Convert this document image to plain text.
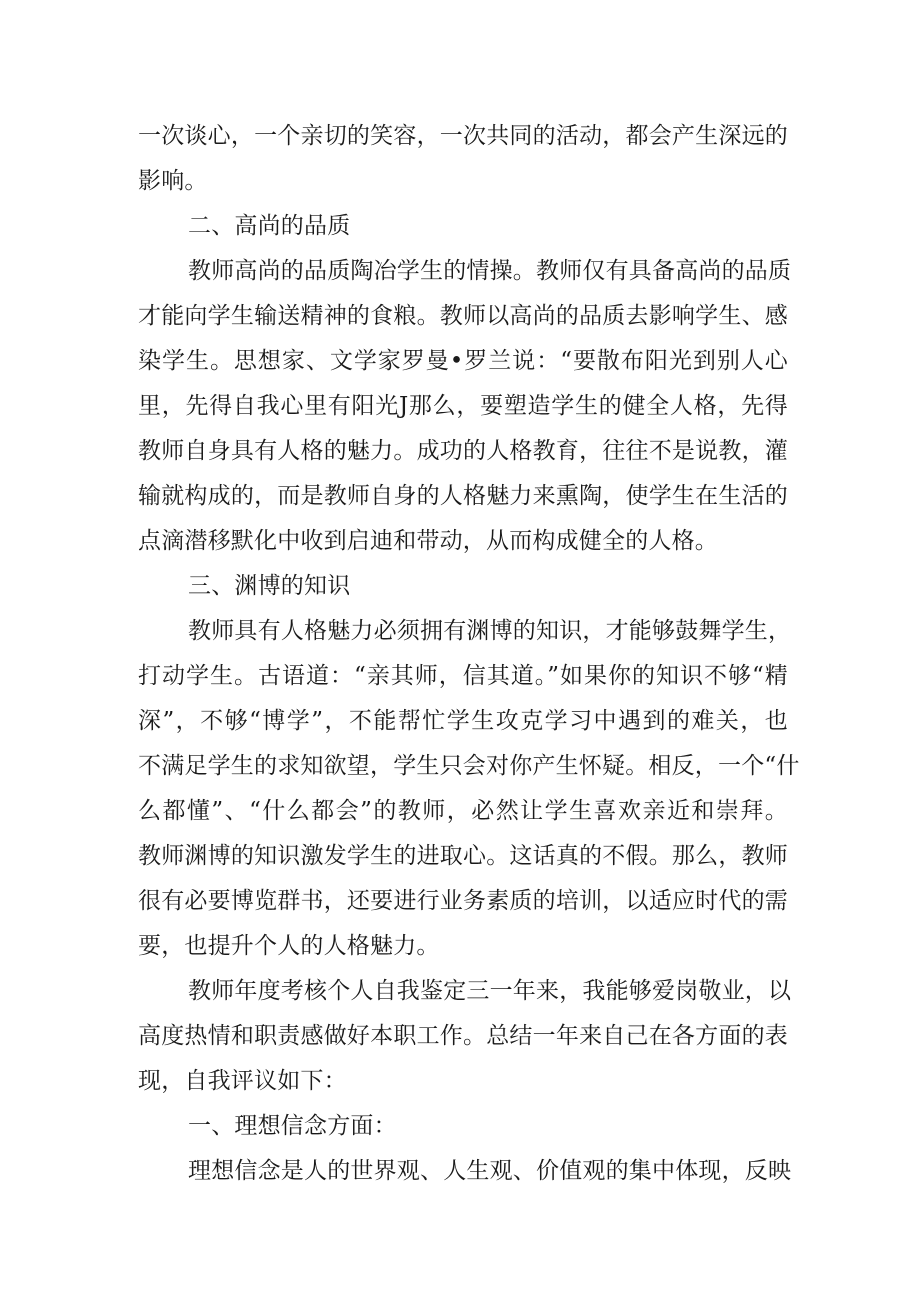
一次谈心，一个亲切的笑容，一次共同的活动，都会产生深远的
影响。
二、高尚的品质
教师高尚的品质陶冶学生的情操。教师仅有具备高尚的品质
才能向学生输送精神的食粮。教师以高尚的品质去影响学生、感
染学生。思想家、文学家罗曼•罗兰说：“要散布阳光到别人心
里，先得自我心里有阳光J那么，要塑造学生的健全人格，先得
教师自身具有人格的魅力。成功的人格教育，往往不是说教，灌
输就构成的，而是教师自身的人格魅力来熏陶，使学生在生活的
点滴潜移默化中收到启迪和带动，从而构成健全的人格。
三、渊博的知识
教师具有人格魅力必须拥有渊博的知识，才能够鼓舞学生，
打动学生。古语道：“亲其师，信其道。”如果你的知识不够“精
深”，不够“博学”，不能帮忙学生攻克学习中遇到的难关，也
不满足学生的求知欲望，学生只会对你产生怀疑。相反，一个“什
么都懂”、“什么都会”的教师，必然让学生喜欢亲近和崇拜。
教师渊博的知识激发学生的进取心。这话真的不假。那么，教师
很有必要博览群书，还要进行业务素质的培训，以适应时代的需
要，也提升个人的人格魅力。
教师年度考核个人自我鉴定三一年来，我能够爱岗敬业，以
高度热情和职责感做好本职工作。总结一年来自己在各方面的表
现，自我评议如下：
一、理想信念方面：
理想信念是人的世界观、人生观、价值观的集中体现，反映
